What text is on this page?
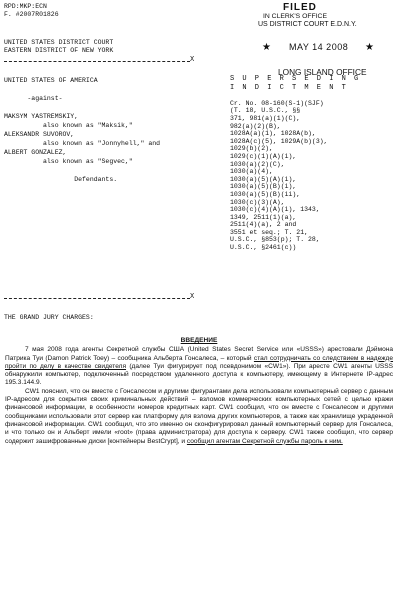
RPD:MKP:ECN
F. #2007R01826
UNITED STATES DISTRICT COURT
EASTERN DISTRICT OF NEW YORK
X
FILED
IN CLERK'S OFFICE
US DISTRICT COURT E.D.N.Y.
★ MAY 14 2008 ★
LONG ISLAND OFFICE
UNITED STATES OF AMERICA

-against-

MAKSYM YASTREMSKIY,
also known as "Maksik,"
ALEKSANDR SUVOROV,
also known as "Jonnyhell," and
ALBERT GONZALEZ,
also known as "Segvec,"

Defendants.
S U P E R S E D I N G
I N D I C T M E N T

Cr. No. 08-160(S-1)(SJF)
(T. 18, U.S.C., §§
371, 981(a)(1)(C),
982(a)(2)(B),
1028A(a)(1), 1028A(b),
1028A(c)(5), 1029A(b)(3),
1029(b)(2),
1029(c)(1)(A)(i),
1030(a)(2)(C),
1030(a)(4),
1030(a)(5)(A)(i),
1030(a)(5)(B)(i),
1030(a)(5)(B)(ii),
1030(c)(3)(A),
1030(c)(4)(A)(i), 1343,
1349, 2511(1)(a),
2511(4)(a), 2 and
3551 et seq.; T. 21,
U.S.C., §853(p); T. 28,
U.S.C., §2461(c))
X
THE GRAND JURY CHARGES:
ВВЕДЕНИЕ

7 мая 2008 года агенты Секретной службы США (United States Secret Service или «USSS») арестовали Дэймона Патрика Туи (Damon Patrick Toey) – сообщника Альберта Гонсалеса, – который стал сотрудничать со следствием в надежде пройти по делу в качестве свидетеля (далее Туи фигурирует под псевдонимом «CW1»). При аресте CW1 агенты USSS обнаружили компьютер, подключенный посредством удаленного доступа к компьютеру, имеющему в Интернете IP-адрес 195.3.144.9.

CW1 пояснил, что он вместе с Гонсалесом и другими фигурантами дела использовали компьютерный сервер с данным IP-адресом для сокрытия своих криминальных действий – взломов коммерческих компьютерных сетей с целью кражи финансовой информации, в особенности номеров кредитных карт. CW1 сообщил, что он вместе с Гонсалесом и другими сообщниками использовали этот сервер как платформу для взлома других компьютеров, а также как хранилище украденной финансовой информации. CW1 сообщил, что это именно он сконфигурировал данный компьютерный сервер для Гонсалеса, и что только он и Альберт имели «root» (права администратора) для доступа к серверу. CW1 также сообщил, что сервер содержит зашифрованные диски [контейнеры BestCrypt], и сообщил агентам Секретной службы пароль к ним.
